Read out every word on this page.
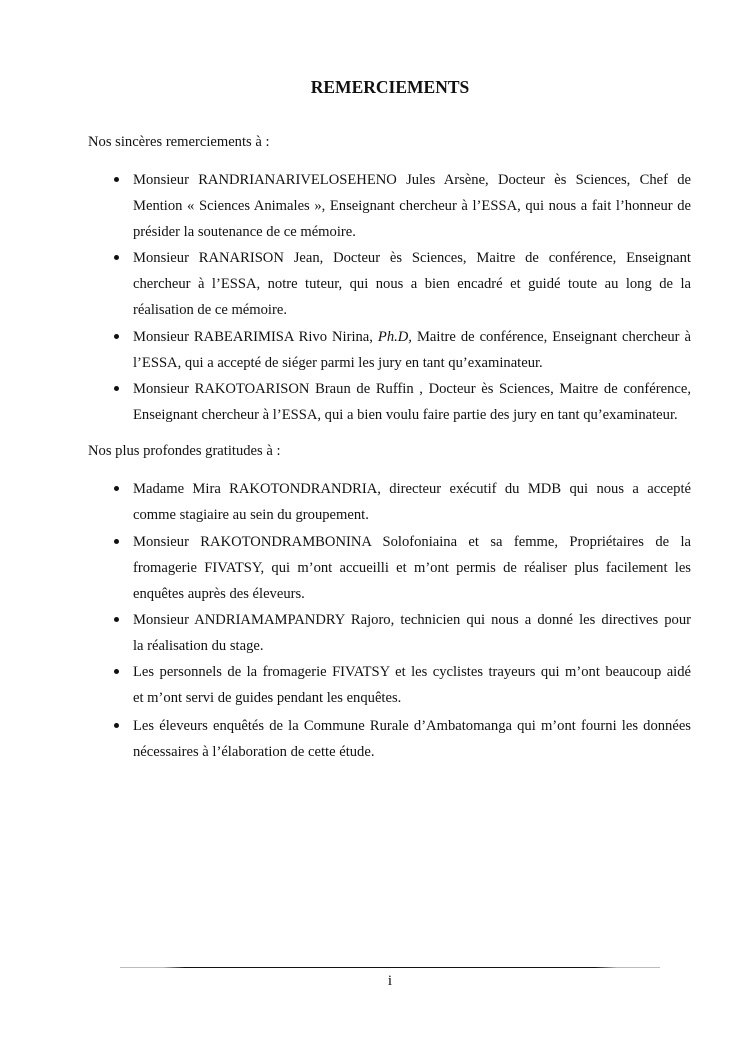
REMERCIEMENTS
Nos sincères remerciements à :
Nos plus profondes gratitudes à :
Monsieur RANDRIANARIVELOSEHENO Jules Arsène, Docteur ès Sciences, Chef de
Mention « Sciences Animales », Enseignant chercheur à l’ESSA, qui nous a fait l’honneur de
présider la soutenance de ce mémoire.
Monsieur RANARISON Jean, Docteur ès Sciences, Maitre de conférence, Enseignant
chercheur à l’ESSA, notre tuteur, qui nous a bien encadré et guidé toute au long de la
réalisation de ce mémoire.
Monsieur RABEARIMISA Rivo Nirina, Ph.D, Maitre de conférence, Enseignant chercheur à
l’ESSA, qui a accepté de siéger parmi les jury en tant qu’examinateur.
Monsieur RAKOTOARISON Braun de Ruffin , Docteur ès Sciences, Maitre de conférence,
Enseignant chercheur à l’ESSA, qui a bien voulu faire partie des jury en tant qu’examinateur.
Madame Mira RAKOTONDRANDRIA, directeur exécutif du MDB qui nous a accepté
comme stagiaire au sein du groupement.
Monsieur RAKOTONDRAMBONINA Solofoniaina et sa femme, Propriétaires de la
fromagerie FIVATSY, qui m’ont accueilli et m’ont permis de réaliser plus facilement les
enquêtes auprès des éleveurs.
Monsieur ANDRIAMAMPANDRY Rajoro, technicien qui nous a donné les directives pour
la réalisation du stage.
Les personnels de la fromagerie FIVATSY et les cyclistes trayeurs qui m’ont beaucoup aidé
et m’ont servi de guides pendant les enquêtes.
Les éleveurs enquêtés de la Commune Rurale d’Ambatomanga qui m’ont fourni les données
nécessaires à l’élaboration de cette étude.
i
